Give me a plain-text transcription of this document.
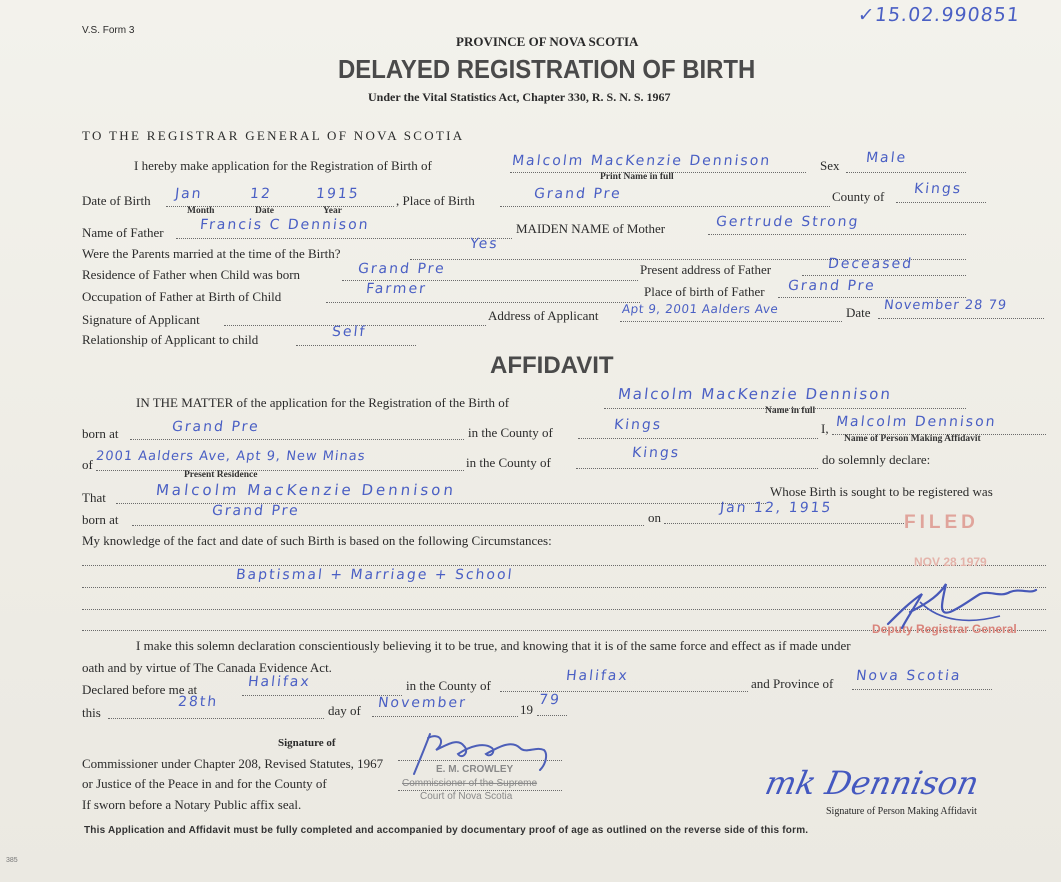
V.S. Form 3
✓15.02.990851
PROVINCE OF NOVA SCOTIA
DELAYED REGISTRATION OF BIRTH
Under the Vital Statistics Act, Chapter 330, R. S. N. S. 1967
TO THE REGISTRAR GENERAL OF NOVA SCOTIA
I hereby make application for the Registration of Birth of	Malcolm MacKenzie Dennison
Print Name in full
Sex Male
Date of Birth Jan	12	1915
Month	Date	Year
, Place of Birth	Grand Pre	County of Kings
Name of Father	Francis C Dennison	MAIDEN NAME of Mother	Gertrude Strong
Were the Parents married at the time of the Birth?
Yes
Residence of Father when Child was born	Grand Pre	Present address of Father	Deceased
Occupation of Father at Birth of Child	Farmer	Place of birth of Father Grand Pre
Signature of Applicant	Address of Applicant Apt 9, 2001 Aalders Ave	Date November 28 79
Relationship of Applicant to child	Self
AFFIDAVIT
IN THE MATTER of the application for the Registration of the Birth of	Malcolm MacKenzie Dennison
Name in full
born at	Grand Pre	in the County of	Kings	I, Malcolm Dennison
Name of Person Making Affidavit
of
2001 Aalders Ave, Apt 9, New Minas
Present Residence
in the County of
Kings	do solemnly declare:
That	Malcolm MacKenzie Dennison	Whose Birth is sought to be registered was
born at
Grand Pre	on
Jan 12, 1915
My knowledge of the fact and date of such Birth is based on the following Circumstances:
Baptismal + Marriage + School
FILED
NOV 28 1979
Deputy Registrar General
I make this solemn declaration conscientiously believing it to be true, and knowing that it is of the same force and effect as if made under
oath and by virtue of The Canada Evidence Act.
Declared before me at	Halifax	in the County of
Halifax	and Province of Nova Scotia
this
28th
day of November	19
79
Signature of
Commissioner under Chapter 208, Revised Statutes, 1967
or Justice of the Peace in and for the County of
If sworn before a Notary Public affix seal.
E. M. CROWLEY
Commissioner of the Supreme
Court of Nova Scotia	mk Dennison
Signature of Person Making Affidavit
This Application and Affidavit must be fully completed and accompanied by documentary proof of age as outlined on the reverse side of this form.
385
